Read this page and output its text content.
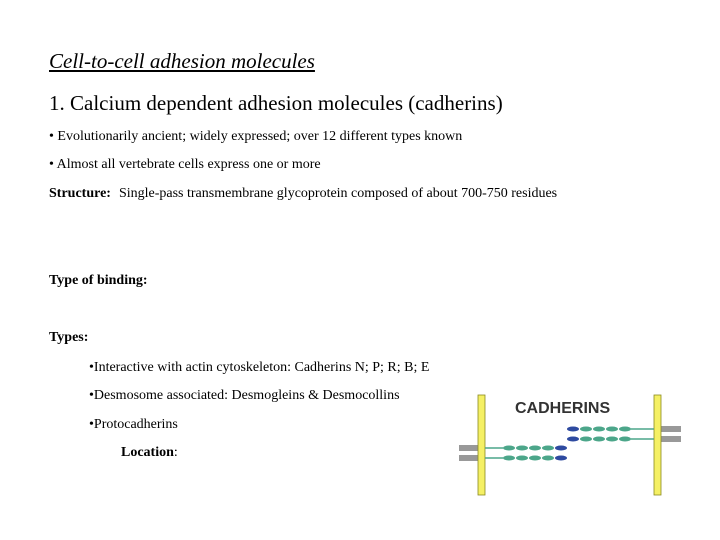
Cell-to-cell adhesion molecules
1. Calcium dependent adhesion molecules (cadherins)
• Evolutionarily ancient; widely expressed; over 12 different types known
• Almost all vertebrate cells express one or more
Structure: Single-pass transmembrane glycoprotein composed of about 700-750 residues
Type of binding:
Types:
•Interactive with actin cytoskeleton: Cadherins N; P; R; B; E
•Desmosome associated: Desmogleins & Desmocollins
•Protocadherins
Location:
CADHERINS
